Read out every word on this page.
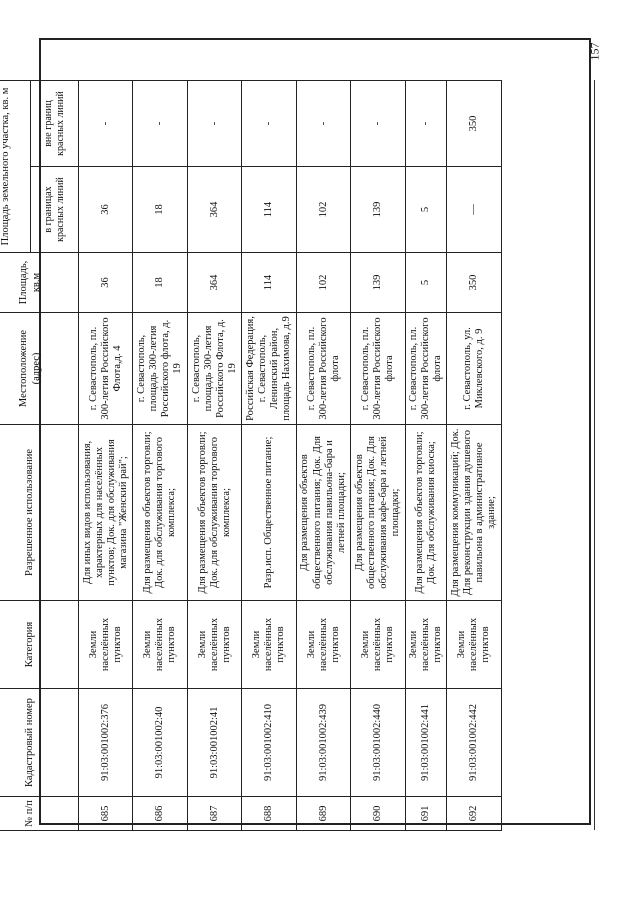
157
№ п/п	Кадастровый номер	Категория	Разрешенное использование	Местоположение (адрес)	Площадь, кв.м	Площадь земельного участка, кв. м	
						в границах красных линий	вне границ красных линий
685	91:03:001002:376	Земли населённых пунктов	Для иных видов использования, характерных для населённых пунктов; Док. для обслуживания магазина "Женский рай";	г. Севастополь, пл. 300-летия Российского Флота,д. 4	36	36	-
686	91:03:001002:40	Земли населённых пунктов	Для размещения объектов торговли; Док. для обслуживания торгового комплекса;	г. Севастополь, площадь 300-летия Российского флота, д. 19	18	18	-
687	91:03:001002:41	Земли населённых пунктов	Для размещения объектов торговли; Док. для обслуживания торгового комплекса;	г. Севастополь, площадь 300-летия Российского Флота, д. 19	364	364	-
688	91:03:001002:410	Земли населённых пунктов	Разр.исп. Общественное питание;	Российская Федерация, г. Севастополь, Ленинский район, площадь Нахимова, д.9	114	114	-
689	91:03:001002:439	Земли населённых пунктов	Для размещения объектов общественного питания; Док. Для обслуживания павильона-бара и летней площадки;	г. Севастополь, пл. 300-летия Российского флота	102	102	-
690	91:03:001002:440	Земли населённых пунктов	Для размещения объектов общественного питания; Док. Для обслуживания кафе-бара и летней площадки;	г. Севастополь, пл. 300-летия Российского флота	139	139	-
691	91:03:001002:441	Земли населённых пунктов	Для размещения объектов торговли; Док. Для обслуживания киоска;	г. Севастополь, пл. 300-летия Российского флота	5	5	-
692	91:03:001002:442	Земли населённых пунктов	Для размещения коммуникаций; Док. Для реконструкции здания душевого павильона в административное здание;	г. Севастополь, ул. Миклевского, д. 9	350	—	350
